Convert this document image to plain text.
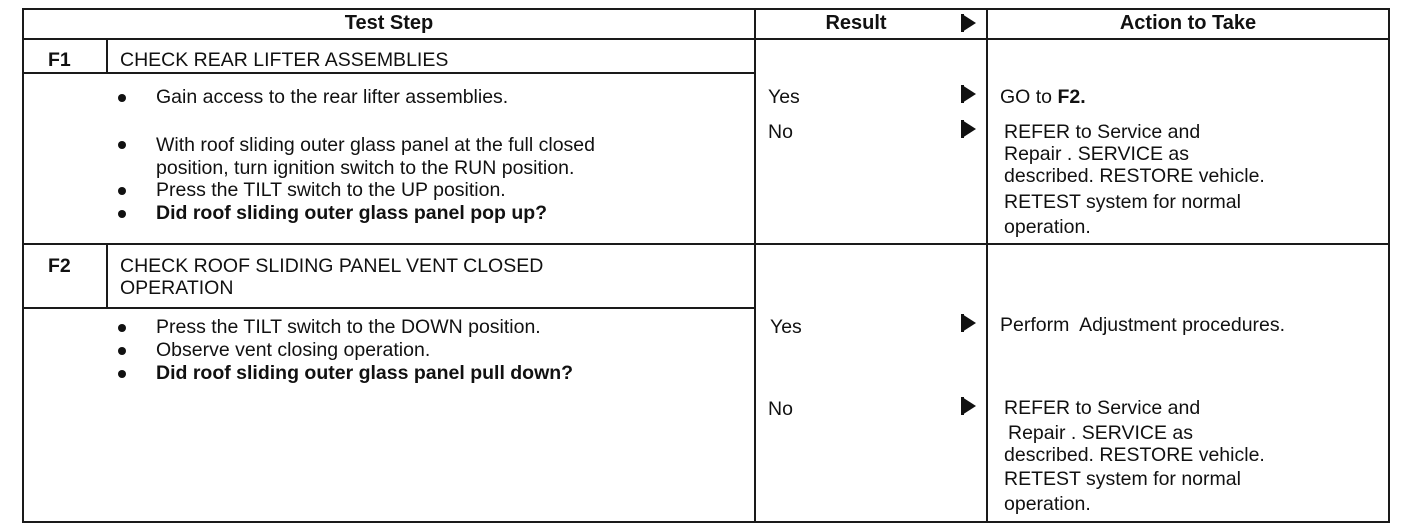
Test Step	Result	Action to Take
F1	CHECK REAR LIFTER ASSEMBLIES
Gain access to the rear lifter assemblies.
With roof sliding outer glass panel at the full closed
position, turn ignition switch to the RUN position.
Press the TILT switch to the UP position.
Did roof sliding outer glass panel pop up?
Yes	GO to F2.
No	REFER to Service and
Repair . SERVICE as
described. RESTORE vehicle.
RETEST system for normal
operation.
F2	CHECK ROOF SLIDING PANEL VENT CLOSED
OPERATION
Press the TILT switch to the DOWN position.
Observe vent closing operation.
Did roof sliding outer glass panel pull down?
Yes	Perform  Adjustment procedures.
No	REFER to Service and
Repair . SERVICE as
described. RESTORE vehicle.
RETEST system for normal
operation.
